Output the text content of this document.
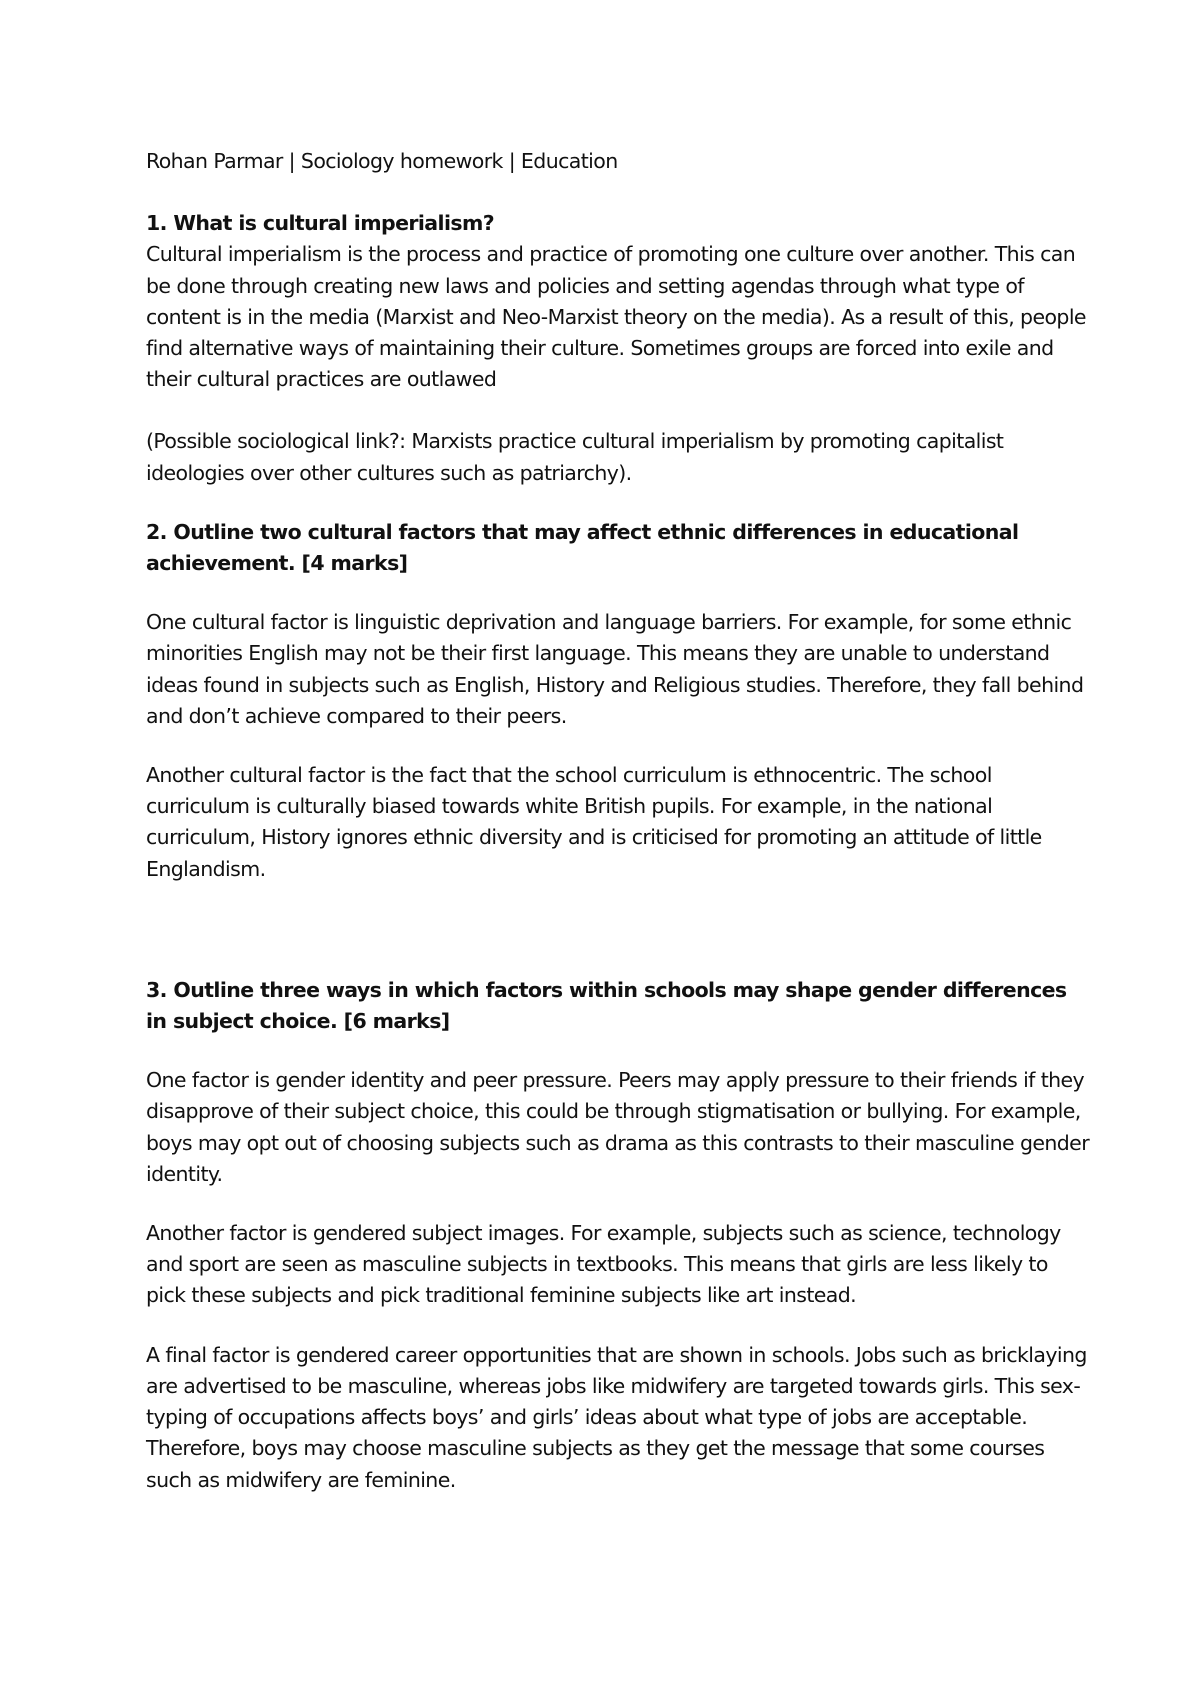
Rohan Parmar | Sociology homework | Education

1. What is cultural imperialism?

Cultural imperialism is the process and practice of promoting one culture over another. This can be done through creating new laws and policies and setting agendas through what type of content is in the media (Marxist and Neo-Marxist theory on the media). As a result of this, people find alternative ways of maintaining their culture. Sometimes groups are forced into exile and their cultural practices are outlawed

(Possible sociological link?: Marxists practice cultural imperialism by promoting capitalist ideologies over other cultures such as patriarchy).

2. Outline two cultural factors that may affect ethnic differences in educational achievement. [4 marks]

One cultural factor is linguistic deprivation and language barriers. For example, for some ethnic minorities English may not be their first language. This means they are unable to understand ideas found in subjects such as English, History and Religious studies. Therefore, they fall behind and don’t achieve compared to their peers.

Another cultural factor is the fact that the school curriculum is ethnocentric. The school curriculum is culturally biased towards white British pupils. For example, in the national curriculum, History ignores ethnic diversity and is criticised for promoting an attitude of little Englandism.

3. Outline three ways in which factors within schools may shape gender differences in subject choice. [6 marks]

One factor is gender identity and peer pressure. Peers may apply pressure to their friends if they disapprove of their subject choice, this could be through stigmatisation or bullying. For example, boys may opt out of choosing subjects such as drama as this contrasts to their masculine gender identity.

Another factor is gendered subject images. For example, subjects such as science, technology and sport are seen as masculine subjects in textbooks. This means that girls are less likely to pick these subjects and pick traditional feminine subjects like art instead.

A final factor is gendered career opportunities that are shown in schools. Jobs such as bricklaying are advertised to be masculine, whereas jobs like midwifery are targeted towards girls. This sex-typing of occupations affects boys’ and girls’ ideas about what type of jobs are acceptable. Therefore, boys may choose masculine subjects as they get the message that some courses such as midwifery are feminine.
